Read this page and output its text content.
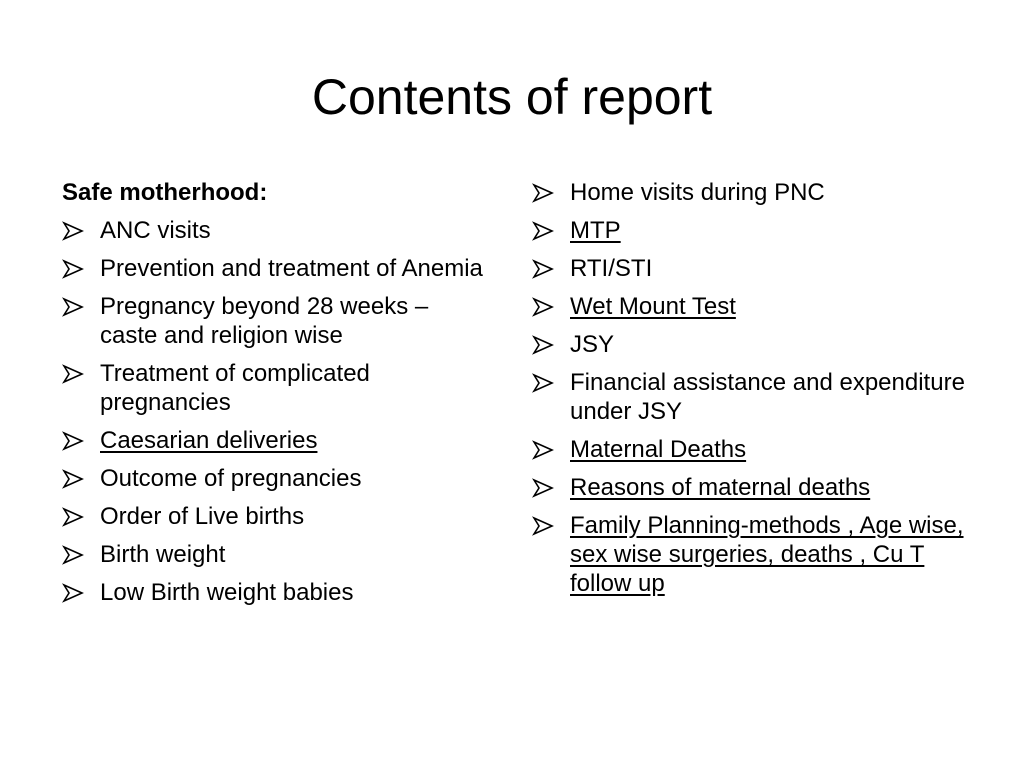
Contents of report
Safe motherhood:
ANC visits
Prevention and treatment of Anemia
Pregnancy beyond 28 weeks – caste and religion wise
Treatment of complicated pregnancies
Caesarian deliveries
Outcome of pregnancies
Order of Live births
Birth weight
Low Birth weight babies
Home visits during PNC
MTP
RTI/STI
Wet Mount Test
JSY
Financial assistance and expenditure under JSY
Maternal Deaths
Reasons of maternal deaths
Family Planning-methods , Age wise, sex wise surgeries, deaths , Cu T follow up
